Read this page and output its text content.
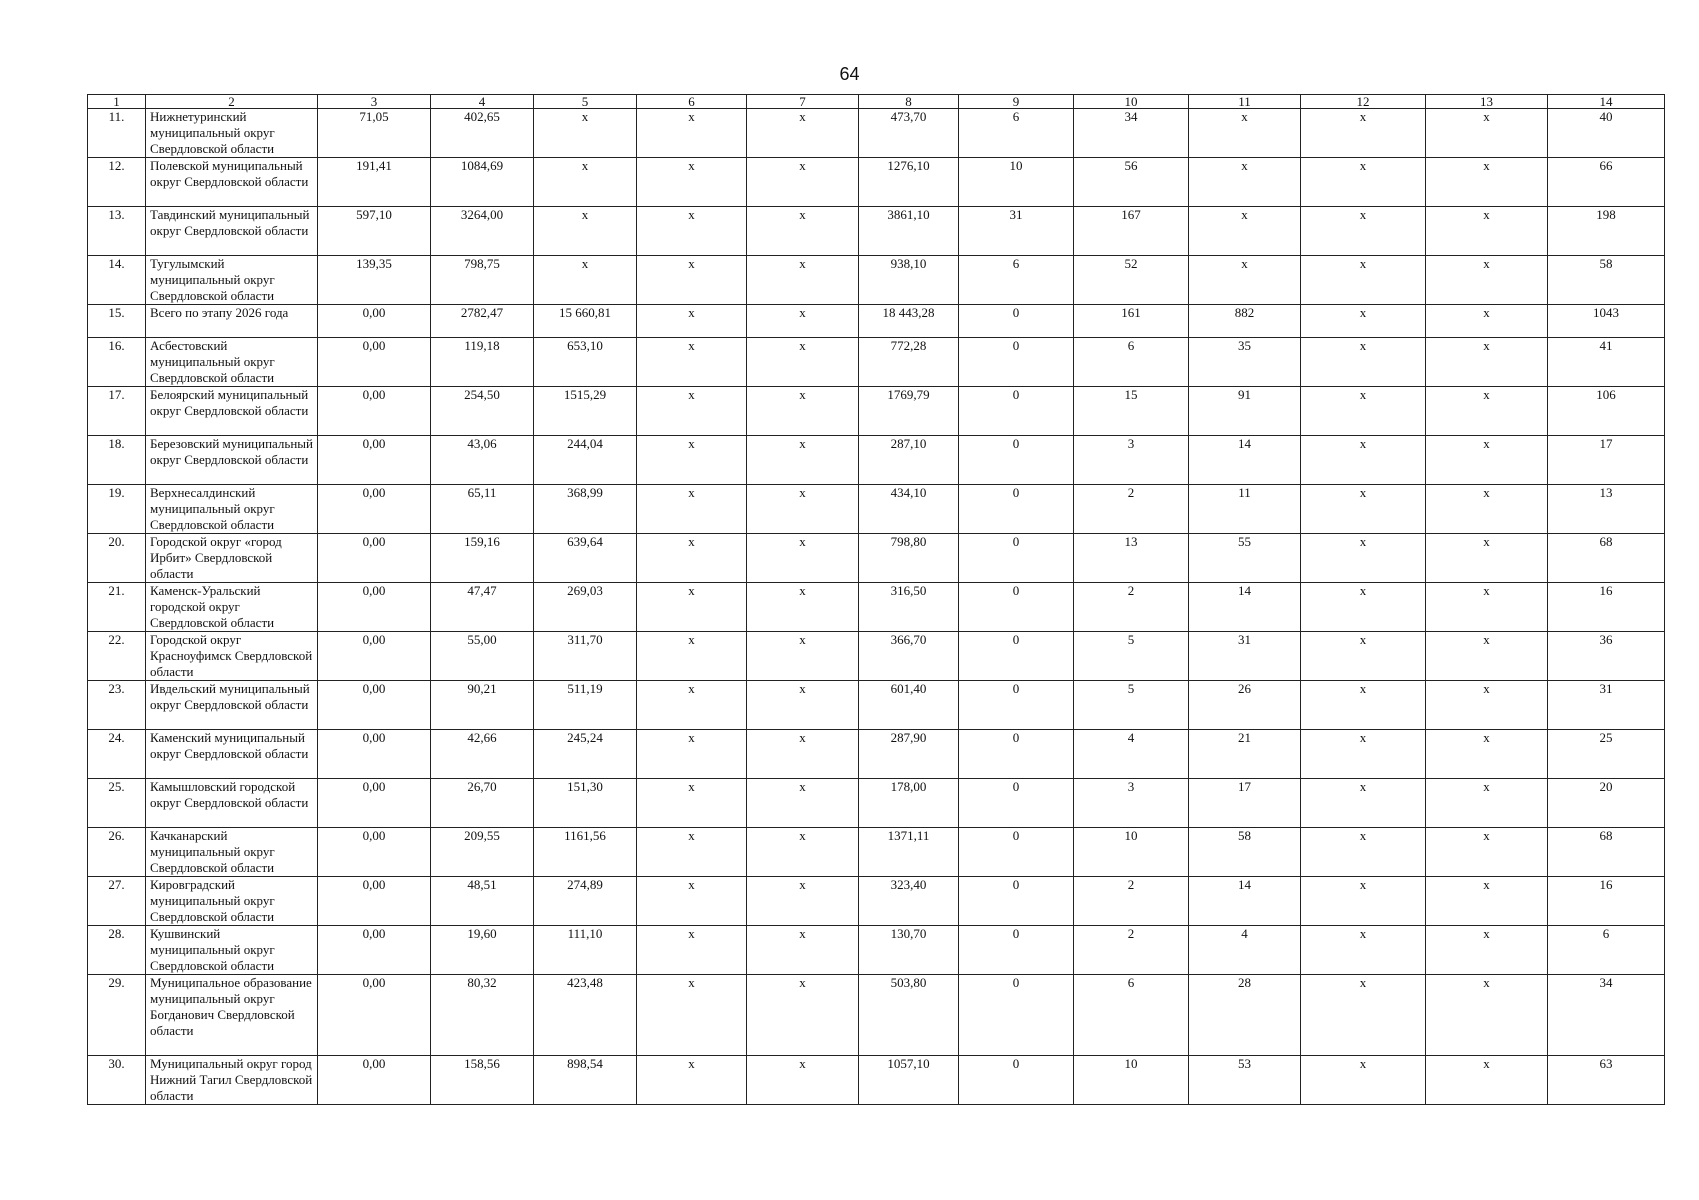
64
1	2	3	4	5	6	7	8	9	10	11	12	13	14
11.	Нижнетуринский муниципальный округ Свердловской области	71,05	402,65	x	x	x	473,70	6	34	x	x	x	40
12.	Полевской муниципальный округ Свердловской области	191,41	1084,69	x	x	x	1276,10	10	56	x	x	x	66
13.	Тавдинский муниципальный округ Свердловской области	597,10	3264,00	x	x	x	3861,10	31	167	x	x	x	198
14.	Тугулымский муниципальный округ Свердловской области	139,35	798,75	x	x	x	938,10	6	52	x	x	x	58
15.	Всего по этапу 2026 года	0,00	2782,47	15 660,81	x	x	18 443,28	0	161	882	x	x	1043
16.	Асбестовский муниципальный округ Свердловской области	0,00	119,18	653,10	x	x	772,28	0	6	35	x	x	41
17.	Белоярский муниципальный округ Свердловской области	0,00	254,50	1515,29	x	x	1769,79	0	15	91	x	x	106
18.	Березовский муниципальный округ Свердловской области	0,00	43,06	244,04	x	x	287,10	0	3	14	x	x	17
19.	Верхнесалдинский муниципальный округ Свердловской области	0,00	65,11	368,99	x	x	434,10	0	2	11	x	x	13
20.	Городской округ «город Ирбит» Свердловской области	0,00	159,16	639,64	x	x	798,80	0	13	55	x	x	68
21.	Каменск-Уральский городской округ Свердловской области	0,00	47,47	269,03	x	x	316,50	0	2	14	x	x	16
22.	Городской округ Красноуфимск Свердловской области	0,00	55,00	311,70	x	x	366,70	0	5	31	x	x	36
23.	Ивдельский муниципальный округ Свердловской области	0,00	90,21	511,19	x	x	601,40	0	5	26	x	x	31
24.	Каменский муниципальный округ Свердловской области	0,00	42,66	245,24	x	x	287,90	0	4	21	x	x	25
25.	Камышловский городской округ Свердловской области	0,00	26,70	151,30	x	x	178,00	0	3	17	x	x	20
26.	Качканарский муниципальный округ Свердловской области	0,00	209,55	1161,56	x	x	1371,11	0	10	58	x	x	68
27.	Кировградский муниципальный округ Свердловской области	0,00	48,51	274,89	x	x	323,40	0	2	14	x	x	16
28.	Кушвинский муниципальный округ Свердловской области	0,00	19,60	111,10	x	x	130,70	0	2	4	x	x	6
29.	Муниципальное образование муниципальный округ Богданович Свердловской области	0,00	80,32	423,48	x	x	503,80	0	6	28	x	x	34
30.	Муниципальный округ город Нижний Тагил Свердловской области	0,00	158,56	898,54	x	x	1057,10	0	10	53	x	x	63
